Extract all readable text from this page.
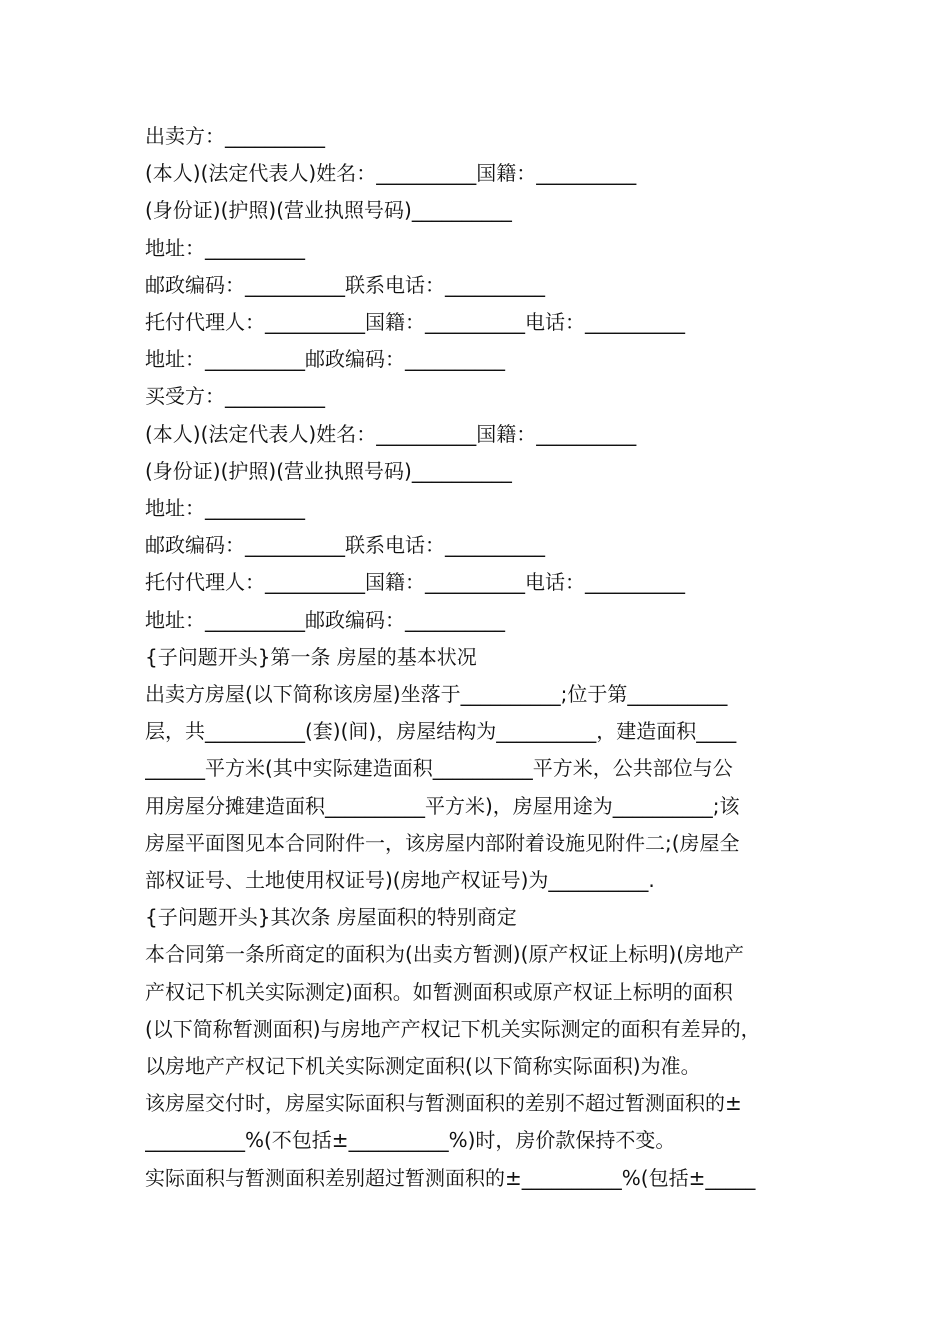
出卖方：__________
(本人)(法定代表人)姓名：__________国籍：__________
(身份证)(护照)(营业执照号码)__________
地址：__________
邮政编码：__________联系电话：__________
托付代理人：__________国籍：__________电话：__________
地址：__________邮政编码：__________
买受方：__________
(本人)(法定代表人)姓名：__________国籍：__________
(身份证)(护照)(营业执照号码)__________
地址：__________
邮政编码：__________联系电话：__________
托付代理人：__________国籍：__________电话：__________
地址：__________邮政编码：__________
{子问题开头}第一条 房屋的基本状况
出卖方房屋(以下简称该房屋)坐落于__________;位于第__________
层，共__________(套)(间)，房屋结构为__________，建造面积____
______平方米(其中实际建造面积__________平方米，公共部位与公
用房屋分摊建造面积__________平方米)，房屋用途为__________;该
房屋平面图见本合同附件一，该房屋内部附着设施见附件二;(房屋全
部权证号、土地使用权证号)(房地产权证号)为__________.
{子问题开头}其次条 房屋面积的特别商定
本合同第一条所商定的面积为(出卖方暂测)(原产权证上标明)(房地产
产权记下机关实际测定)面积。如暂测面积或原产权证上标明的面积
(以下简称暂测面积)与房地产产权记下机关实际测定的面积有差异的，
以房地产产权记下机关实际测定面积(以下简称实际面积)为准。
该房屋交付时，房屋实际面积与暂测面积的差别不超过暂测面积的±
__________%(不包括±__________%)时，房价款保持不变。
实际面积与暂测面积差别超过暂测面积的±__________%(包括±_____
